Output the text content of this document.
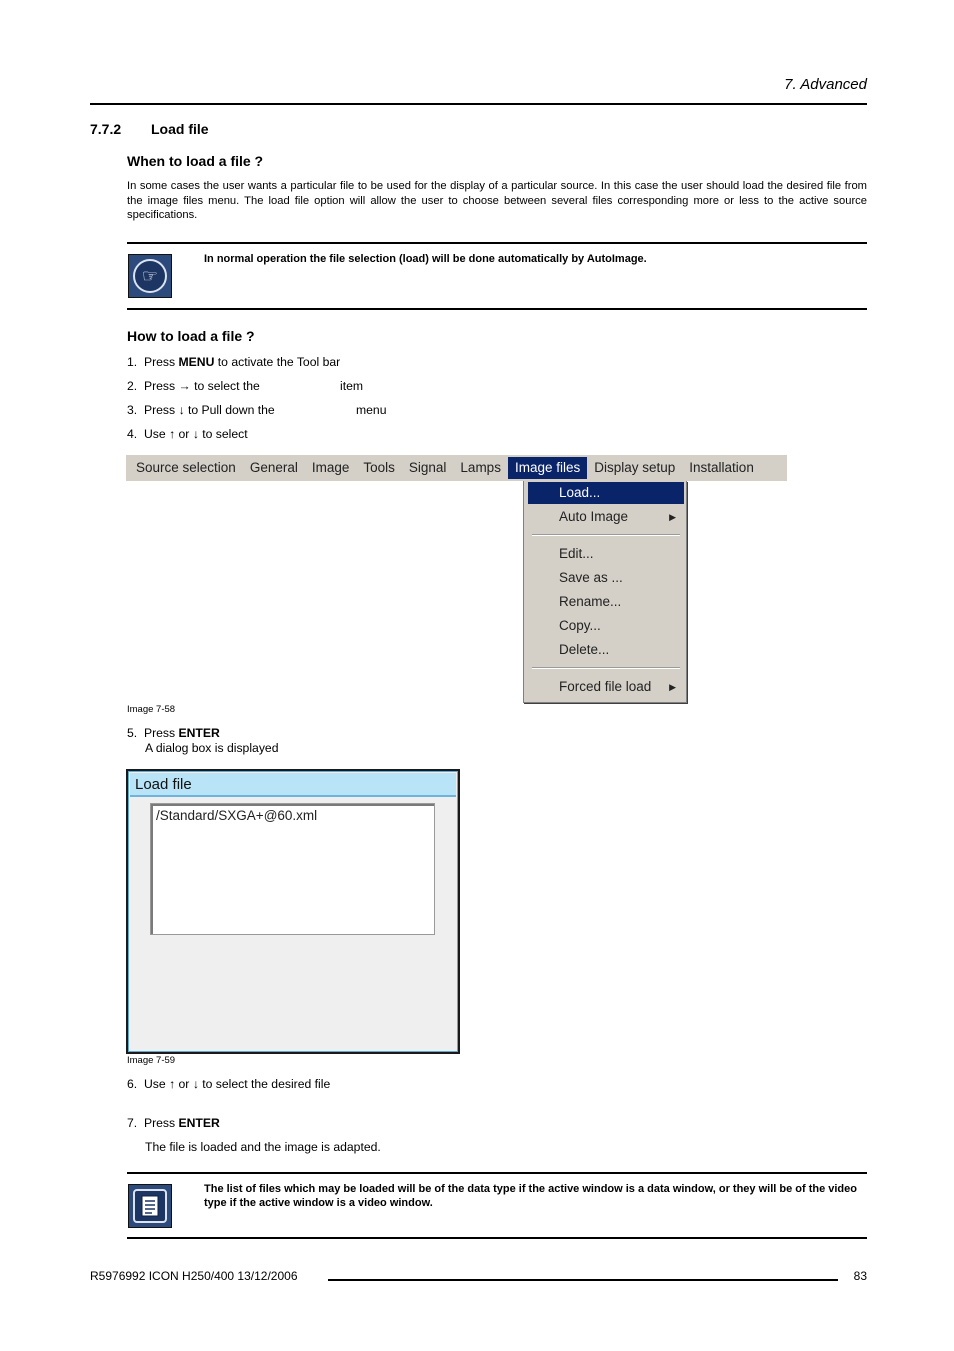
7. Advanced
7.7.2 Load file
When to load a file ?
In some cases the user wants a particular file to be used for the display of a particular source. In this case the user should load the desired file from the image files menu. The load file option will allow the user to choose between several files corresponding more or less to the active source specifications.
☞
In normal operation the file selection (load) will be done automatically by AutoImage.
How to load a file ?
1. Press MENU to activate the Tool bar
2. Press → to select the	item
3. Press ↓ to Pull down the	menu
4. Use ↑ or ↓ to select
Source selection	General	Image	Tools	Signal	Lamps	Image files	Display setup	Installation
Load...
Auto Image	▶
Edit...
Save as ...
Rename...
Copy...
Delete...
Forced file load ▶
Image 7-58
5. Press ENTER
A dialog box is displayed
Load file
/Standard/SXGA+@60.xml
Image 7-59
6. Use ↑ or ↓ to select the desired file
7. Press ENTER
The file is loaded and the image is adapted.
The list of files which may be loaded will be of the data type if the active window is a data window, or they will be of the video type if the active window is a video window.
R5976992 ICON H250/400 13/12/2006	83
